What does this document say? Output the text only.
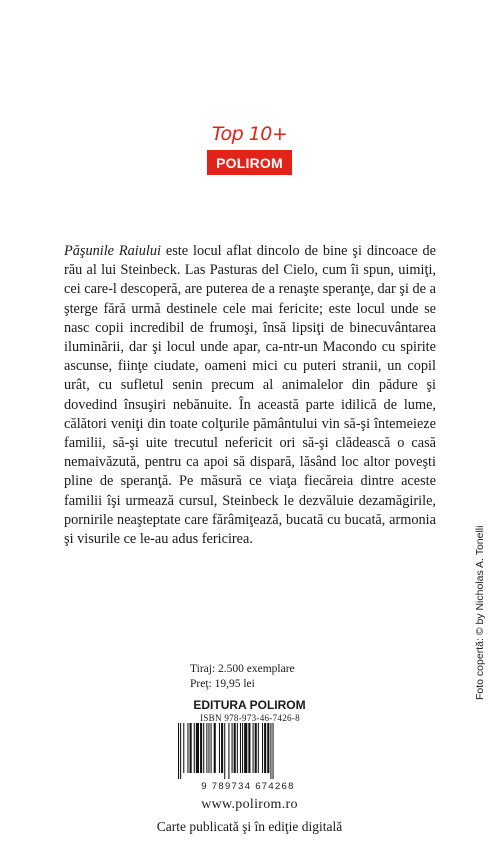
Top 10+
POLIROM

Păşunile Raiului este locul aflat dincolo de bine şi dincoace de rău al lui Steinbeck. Las Pasturas del Cielo, cum îi spun, uimiţi, cei care-l descoperă, are puterea de a renaşte speranţe, dar şi de a şterge fără urmă destinele cele mai fericite; este locul unde se nasc copii incredibil de frumoşi, însă lipsiţi de binecuvântarea iluminării, dar şi locul unde apar, ca-ntr-un Macondo cu spirite ascunse, fiinţe ciudate, oameni mici cu puteri stranii, un copil urât, cu sufletul senin precum al animalelor din pădure şi dovedind însuşiri nebănuite. În această parte idilică de lume, călători veniţi din toate colţurile pământului vin să-şi întemeieze familii, să-şi uite trecutul nefericit ori să-şi clădească o casă nemaivăzută, pentru ca apoi să dispară, lăsând loc altor poveşti pline de speranţă. Pe măsură ce viaţa fiecăreia dintre aceste familii îşi urmează cursul, Steinbeck le dezvăluie dezamăgirile, pornirile neaşteptate care fărâmiţează, bucată cu bucată, armonia şi visurile ce le-au adus fericirea.	Foto copertă: © by Nicholas A. Tonelli
Tiraj: 2.500 exemplare
Preţ: 19,95 lei
EDITURA POLIROM
ISBN 978-973-46-7426-8
9 789734 674268
www.polirom.ro
Carte publicată şi în ediţie digitală
